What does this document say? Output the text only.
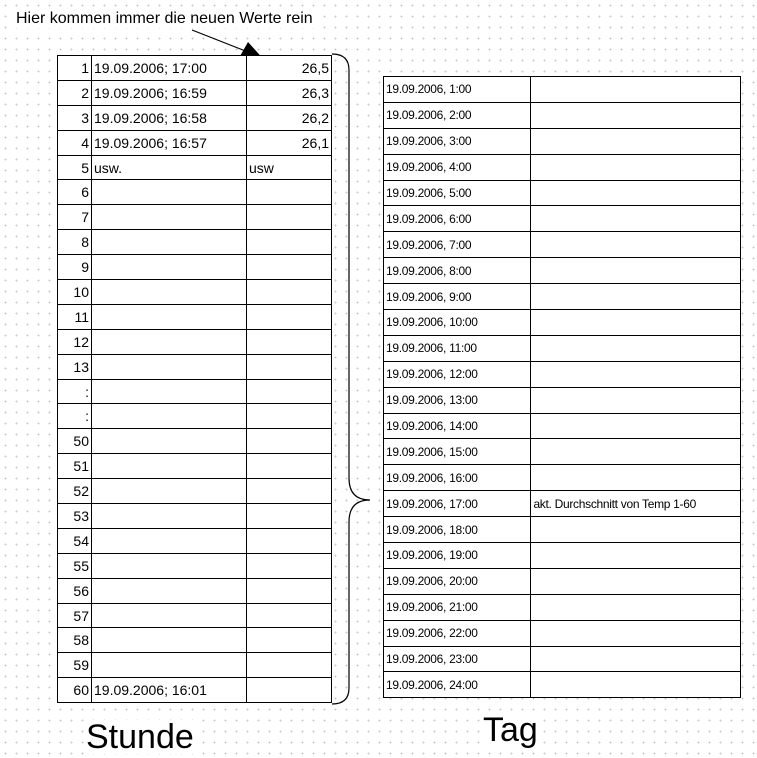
Hier kommen immer die neuen Werte rein
1	19.09.2006; 17:00	26,5
2	19.09.2006; 16:59	26,3
3	19.09.2006; 16:58	26,2
4	19.09.2006; 16:57	26,1
5	usw.	usw
6		
7		
8		
9		
10		
11		
12		
13		
:		
:		
50		
51		
52		
53		
54		
55		
56		
57		
58		
59		
60	19.09.2006; 16:01	
19.09.2006, 1:00	
19.09.2006, 2:00	
19.09.2006, 3:00	
19.09.2006, 4:00	
19.09.2006, 5:00	
19.09.2006, 6:00	
19.09.2006, 7:00	
19.09.2006, 8:00	
19.09.2006, 9:00	
19.09.2006, 10:00	
19.09.2006, 11:00	
19.09.2006, 12:00	
19.09.2006, 13:00	
19.09.2006, 14:00	
19.09.2006, 15:00	
19.09.2006, 16:00	
19.09.2006, 17:00	akt. Durchschnitt von Temp 1-60
19.09.2006, 18:00	
19.09.2006, 19:00	
19.09.2006, 20:00	
19.09.2006, 21:00	
19.09.2006, 22:00	
19.09.2006, 23:00	
19.09.2006, 24:00	
Stunde	Tag
